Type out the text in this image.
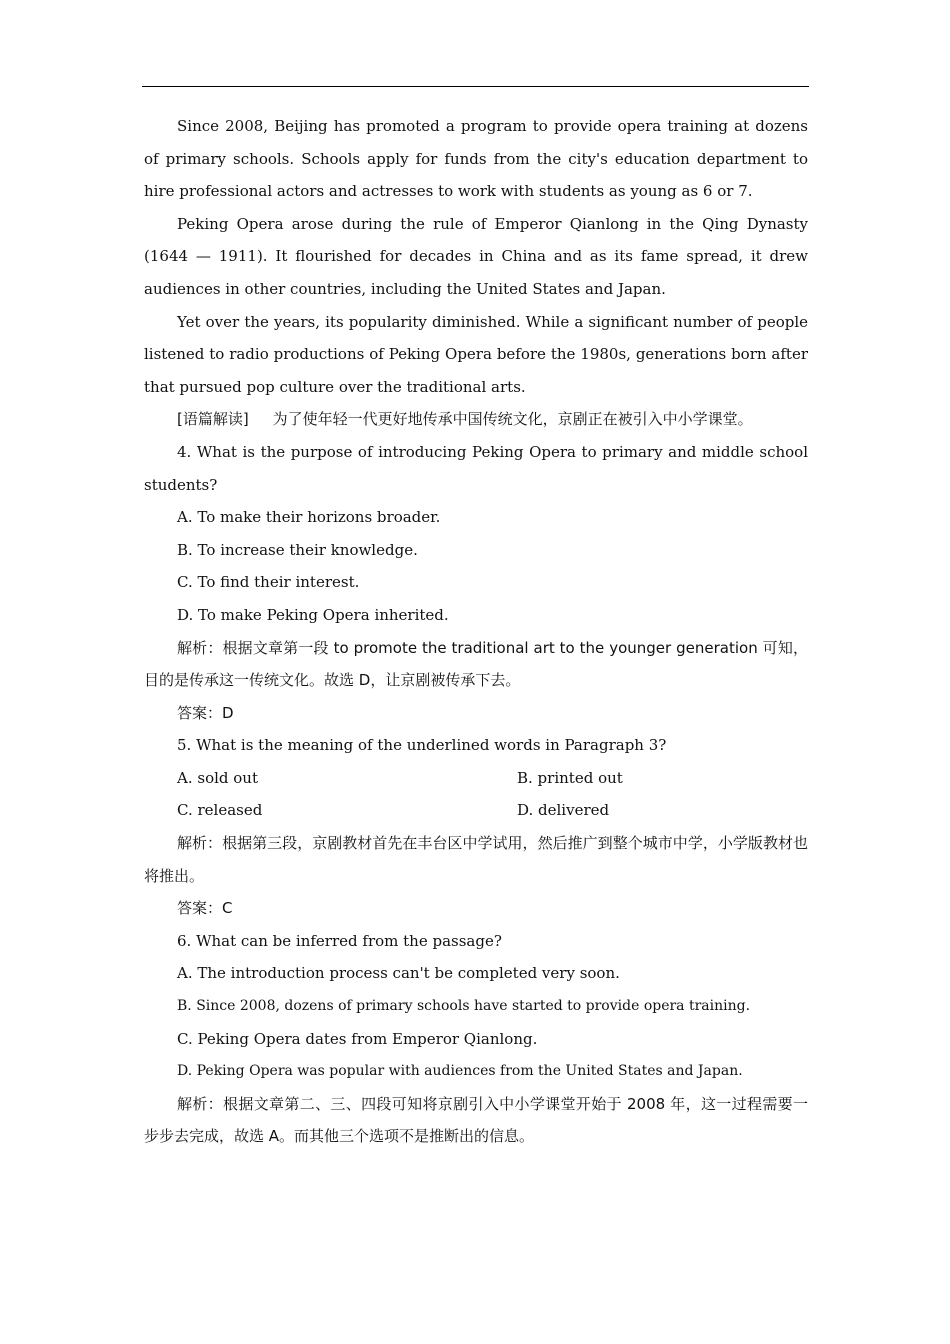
Since 2008, Beijing has promoted a program to provide opera training at dozens of primary schools. Schools apply for funds from the city's education department to hire professional actors and actresses to work with students as young as 6 or 7.

Peking Opera arose during the rule of Emperor Qianlong in the Qing Dynasty (1644 — 1911). It flourished for decades in China and as its fame spread, it drew audiences in other countries, including the United States and Japan.

Yet over the years, its popularity diminished. While a significant number of people listened to radio productions of Peking Opera before the 1980s, generations born after that pursued pop culture over the traditional arts.

[语篇解读] 为了使年轻一代更好地传承中国传统文化，京剧正在被引入中小学课堂。

4. What is the purpose of introducing Peking Opera to primary and middle school students?

A. To make their horizons broader.

B. To increase their knowledge.

C. To find their interest.

D. To make Peking Opera inherited.

解析：根据文章第一段 to promote the traditional art to the younger generation 可知，目的是传承这一传统文化。故选 D，让京剧被传承下去。

答案：D

5. What is the meaning of the underlined words in Paragraph 3?

A. sold out	B. printed out
C. released	D. delivered

解析：根据第三段，京剧教材首先在丰台区中学试用，然后推广到整个城市中学，小学版教材也将推出。

答案：C

6. What can be inferred from the passage?

A. The introduction process can't be completed very soon.

B. Since 2008, dozens of primary schools have started to provide opera training.

C. Peking Opera dates from Emperor Qianlong.

D. Peking Opera was popular with audiences from the United States and Japan.

解析：根据文章第二、三、四段可知将京剧引入中小学课堂开始于 2008 年，这一过程需要一步步去完成，故选 A。而其他三个选项不是推断出的信息。
